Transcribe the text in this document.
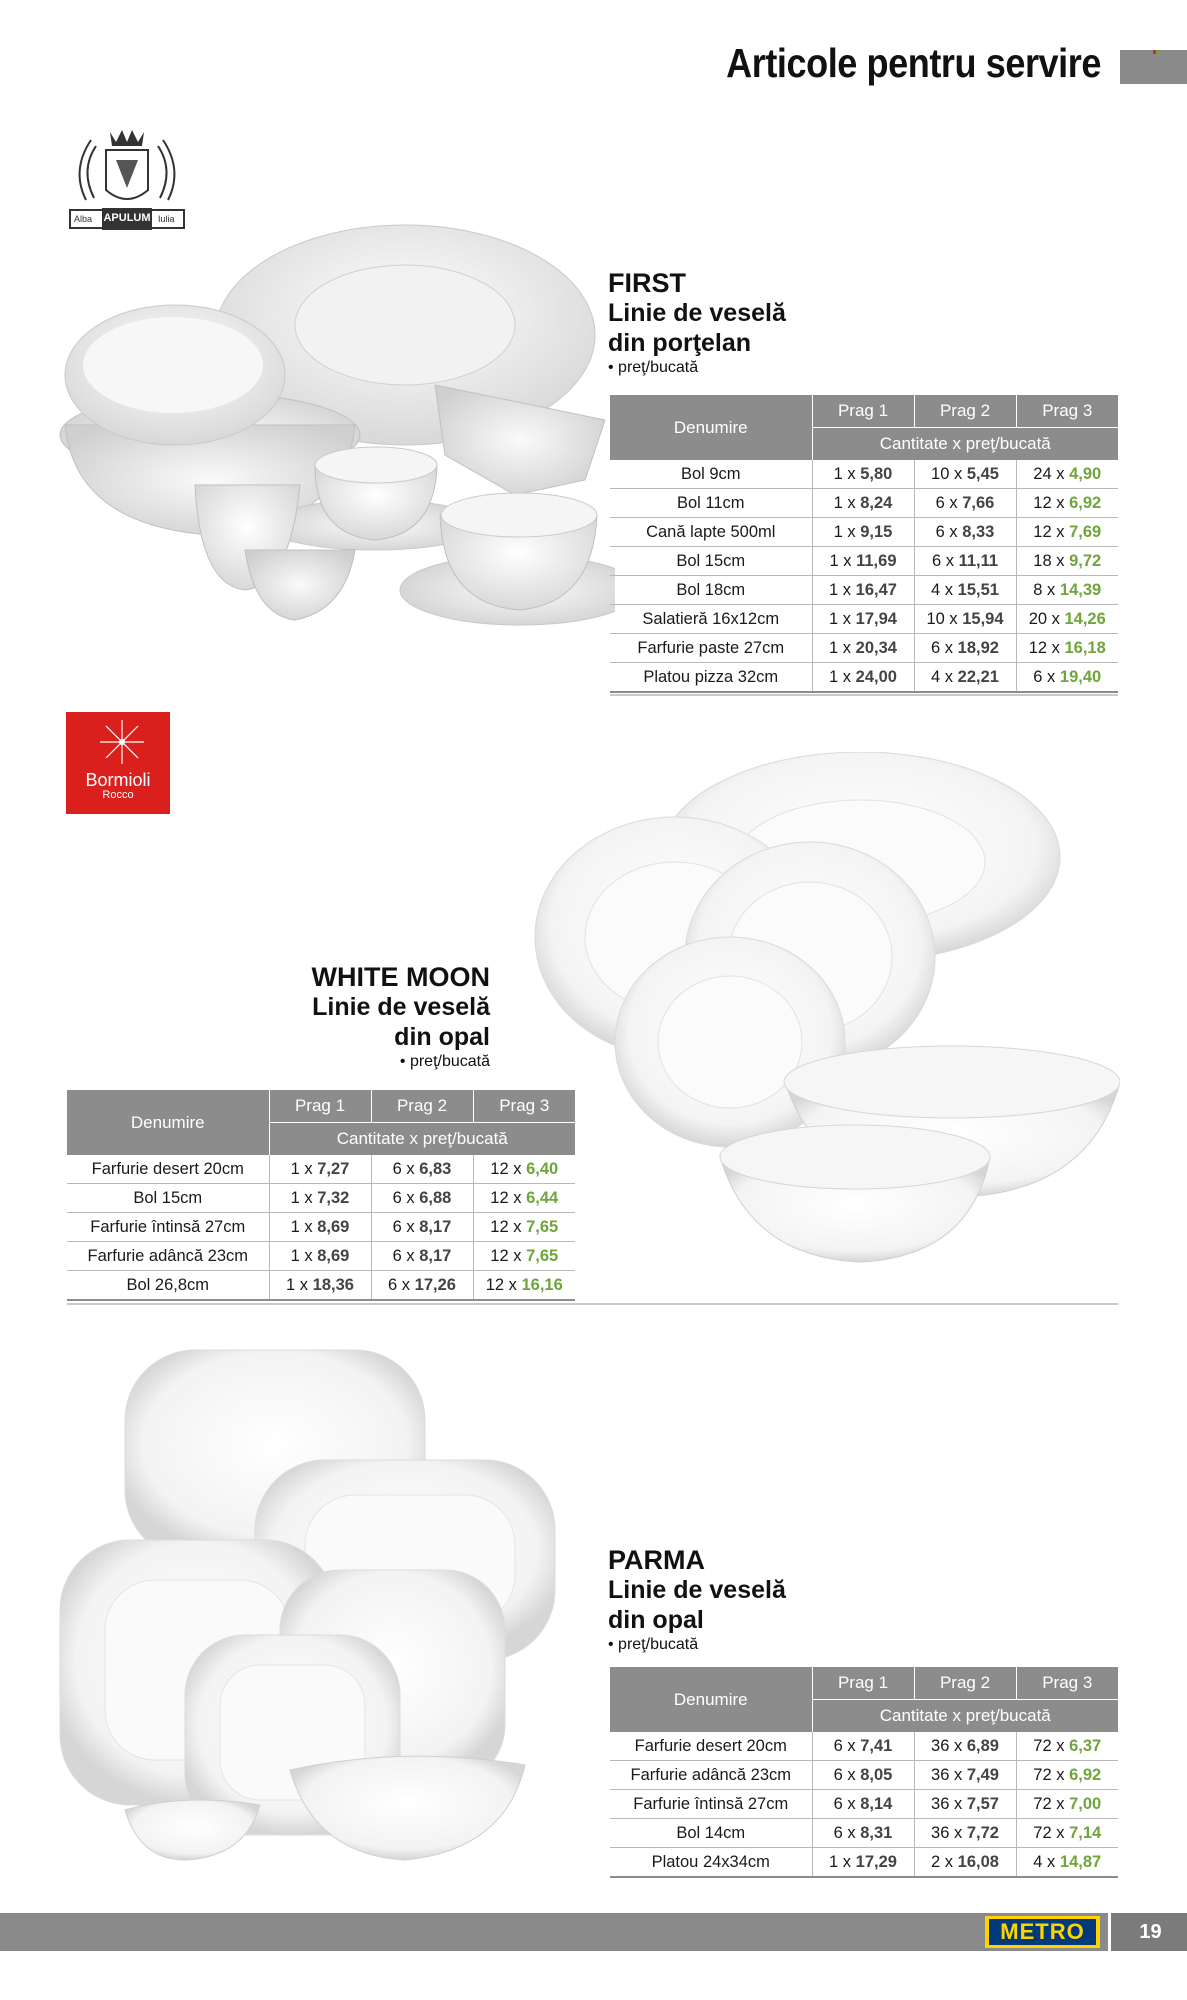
Articole pentru servire
APULUM
Alba	Iulia
FIRST
Linie de veselă
din porţelan
• preţ/bucată
Denumire	Prag 1	Prag 2	Prag 3
	Cantitate x preţ/bucată		
Bol 9cm	1 x 5,80	10 x 5,45	24 x 4,90
Bol 11cm	1 x 8,24	6 x 7,66	12 x 6,92
Cană lapte 500ml	1 x 9,15	6 x 8,33	12 x 7,69
Bol 15cm	1 x 11,69	6 x 11,11	18 x 9,72
Bol 18cm	1 x 16,47	4 x 15,51	8 x 14,39
Salatieră 16x12cm	1 x 17,94	10 x 15,94	20 x 14,26
Farfurie paste 27cm	1 x 20,34	6 x 18,92	12 x 16,18
Platou pizza 32cm	1 x 24,00	4 x 22,21	6 x 19,40
Bormioli
Rocco
WHITE MOON
Linie de veselă
din opal
• preţ/bucată
Denumire	Prag 1	Prag 2	Prag 3
	Cantitate x preţ/bucată		
Farfurie desert 20cm	1 x 7,27	6 x 6,83	12 x 6,40
Bol 15cm	1 x 7,32	6 x 6,88	12 x 6,44
Farfurie întinsă 27cm	1 x 8,69	6 x 8,17	12 x 7,65
Farfurie adâncă 23cm	1 x 8,69	6 x 8,17	12 x 7,65
Bol 26,8cm	1 x 18,36	6 x 17,26	12 x 16,16
PARMA
Linie de veselă
din opal
• preţ/bucată
Denumire	Prag 1	Prag 2	Prag 3
	Cantitate x preţ/bucată		
Farfurie desert 20cm	6 x 7,41	36 x 6,89	72 x 6,37
Farfurie adâncă 23cm	6 x 8,05	36 x 7,49	72 x 6,92
Farfurie întinsă 27cm	6 x 8,14	36 x 7,57	72 x 7,00
Bol 14cm	6 x 8,31	36 x 7,72	72 x 7,14
Platou 24x34cm	1 x 17,29	2 x 16,08	4 x 14,87
METRO	19
